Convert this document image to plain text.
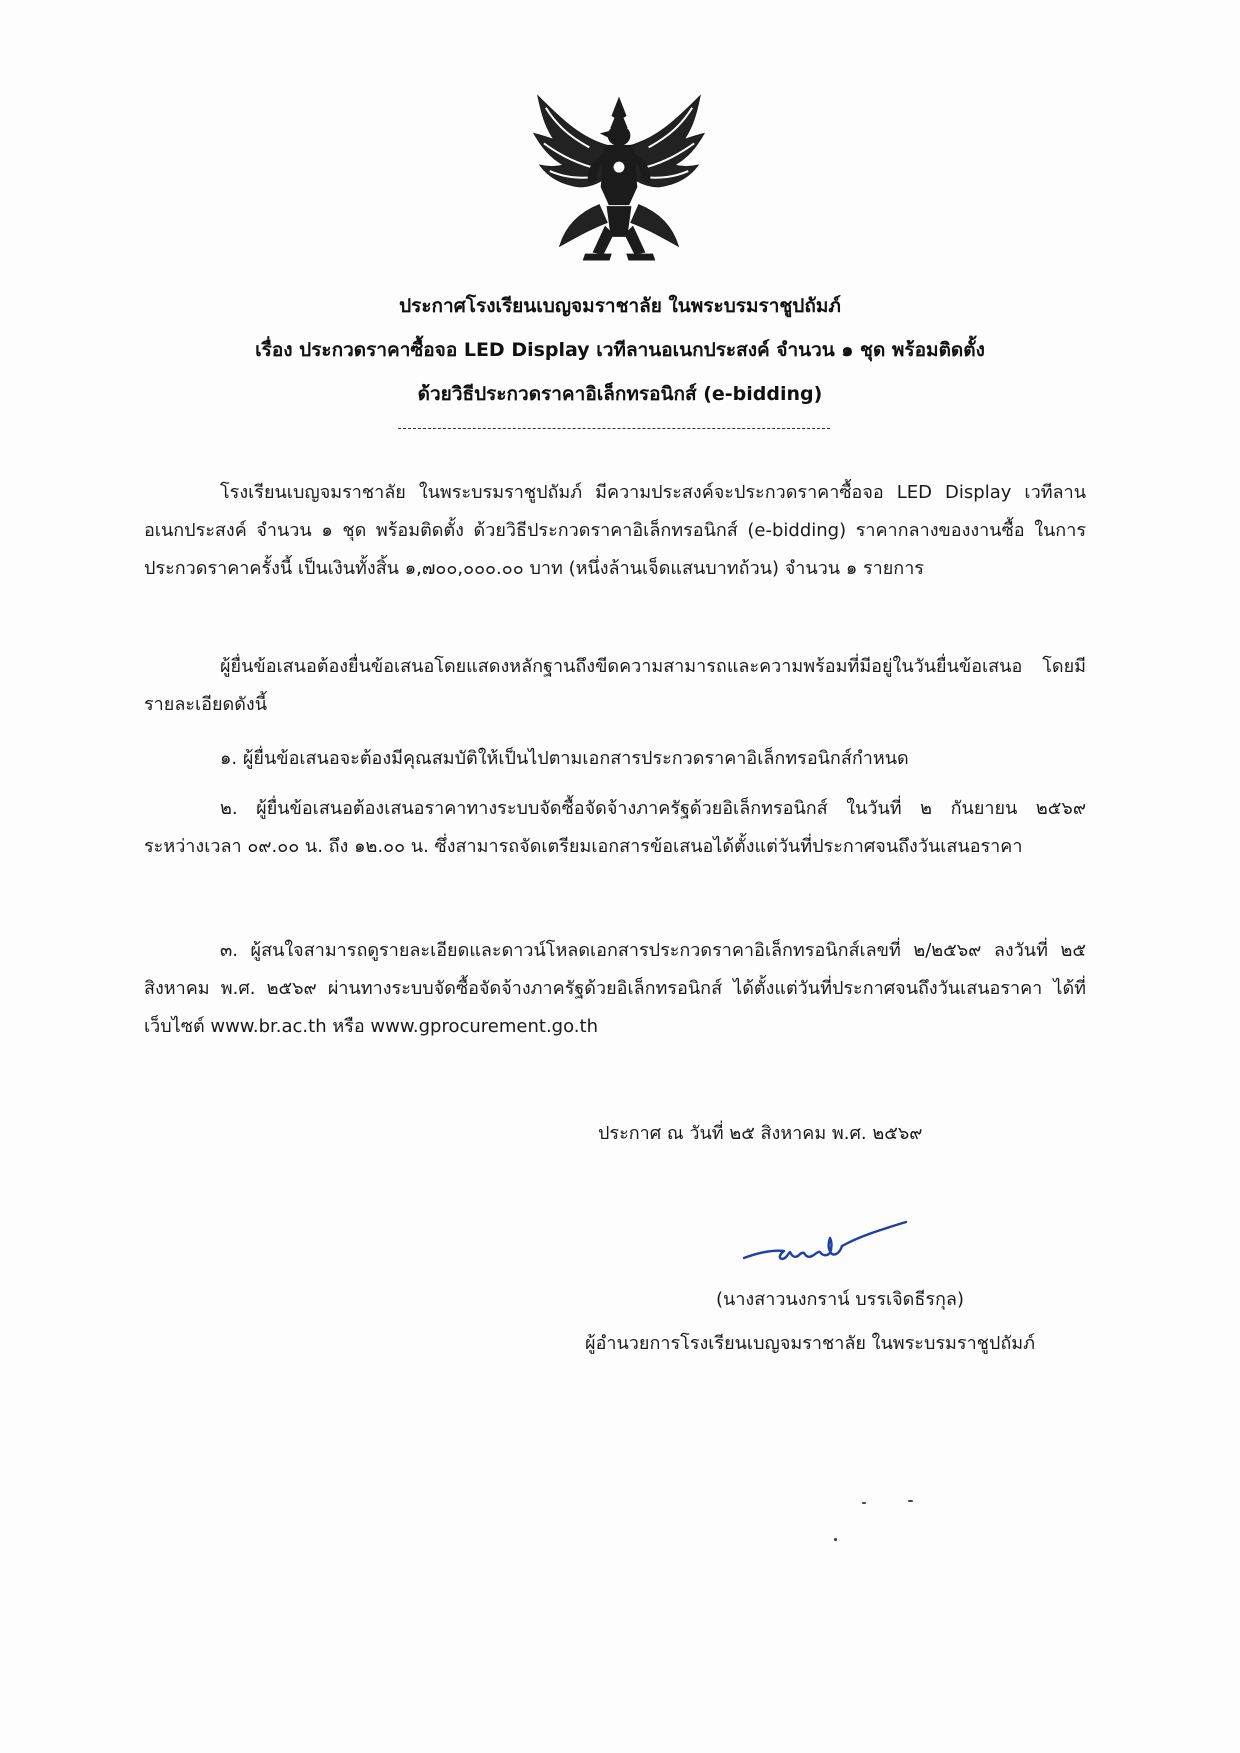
ประกาศโรงเรียนเบญจมราชาลัย ในพระบรมราชูปถัมภ์
เรื่อง ประกวดราคาซื้อจอ LED Display เวทีลานอเนกประสงค์ จำนวน ๑ ชุด พร้อมติดตั้ง
ด้วยวิธีประกวดราคาอิเล็กทรอนิกส์ (e-bidding)
โรงเรียนเบญจมราชาลัย ในพระบรมราชูปถัมภ์ มีความประสงค์จะประกวดราคาซื้อจอ LED Display เวทีลานอเนกประสงค์ จำนวน ๑ ชุด พร้อมติดตั้ง ด้วยวิธีประกวดราคาอิเล็กทรอนิกส์ (e-bidding) ราคากลางของงานซื้อ ในการประกวดราคาครั้งนี้ เป็นเงินทั้งสิ้น ๑,๗๐๐,๐๐๐.๐๐ บาท (หนึ่งล้านเจ็ดแสนบาทถ้วน) จำนวน ๑ รายการ
ผู้ยื่นข้อเสนอต้องยื่นข้อเสนอโดยแสดงหลักฐานถึงขีดความสามารถและความพร้อมที่มีอยู่ในวันยื่นข้อเสนอ โดยมีรายละเอียดดังนี้
๑. ผู้ยื่นข้อเสนอจะต้องมีคุณสมบัติให้เป็นไปตามเอกสารประกวดราคาอิเล็กทรอนิกส์กำหนด
๒. ผู้ยื่นข้อเสนอต้องเสนอราคาทางระบบจัดซื้อจัดจ้างภาครัฐด้วยอิเล็กทรอนิกส์ ในวันที่ ๒ กันยายน ๒๕๖๙ ระหว่างเวลา ๐๙.๐๐ น. ถึง ๑๒.๐๐ น. ซึ่งสามารถจัดเตรียมเอกสารข้อเสนอได้ตั้งแต่วันที่ประกาศจนถึงวันเสนอราคา
๓. ผู้สนใจสามารถดูรายละเอียดและดาวน์โหลดเอกสารประกวดราคาอิเล็กทรอนิกส์เลขที่ ๒/๒๕๖๙ ลงวันที่ ๒๕ สิงหาคม พ.ศ. ๒๕๖๙ ผ่านทางระบบจัดซื้อจัดจ้างภาครัฐด้วยอิเล็กทรอนิกส์ ได้ตั้งแต่วันที่ประกาศจนถึงวันเสนอราคา ได้ที่เว็บไซต์ www.br.ac.th หรือ www.gprocurement.go.th
ประกาศ ณ วันที่ ๒๕ สิงหาคม พ.ศ. ๒๕๖๙
(นางสาวนงกราน์ บรรเจิดธีรกุล)
ผู้อำนวยการโรงเรียนเบญจมราชาลัย ในพระบรมราชูปถัมภ์
